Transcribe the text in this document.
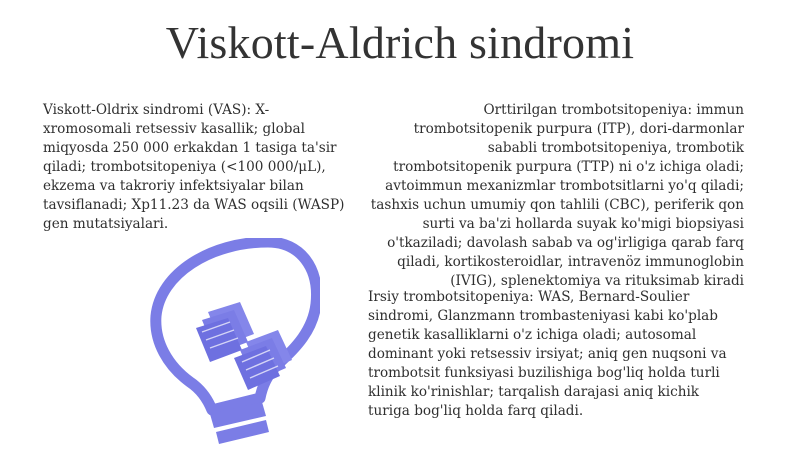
Viskott-Aldrich sindromi

Viskott-Oldrix sindromi (VAS): X-xromosomali retsessiv kasallik; global miqyosda 250 000 erkakdan 1 tasiga ta'sir qiladi; trombotsitopeniya (<100 000/μL), ekzema va takroriy infektsiyalar bilan tavsiflanadi; Xp11.23 da WAS oqsili (WASP) gen mutatsiyalari.

Orttirilgan trombotsitopeniya: immun trombotsitopenik purpura (ITP), dori-darmonlar sababli trombotsitopeniya, trombotik trombotsitopenik purpura (TTP) ni o'z ichiga oladi; avtoimmun mexanizmlar trombotsitlarni yo'q qiladi; tashxis uchun umumiy qon tahlili (CBC), periferik qon surti va ba'zi hollarda suyak ko'migi biopsiyasi o'tkaziladi; davolash sabab va og'irligiga qarab farq qiladi, kortikosteroidlar, intravenöz immunoglobin (IVIG), splenektomiya va rituksimab kiradi

Irsiy trombotsitopeniya: WAS, Bernard-Soulier sindromi, Glanzmann trombasteniyasi kabi ko'plab genetik kasalliklarni o'z ichiga oladi; autosomal dominant yoki retsessiv irsiyat; aniq gen nuqsoni va trombotsit funksiyasi buzilishiga bog'liq holda turli klinik ko'rinishlar; tarqalish darajasi aniq kichik turiga bog'liq holda farq qiladi.
